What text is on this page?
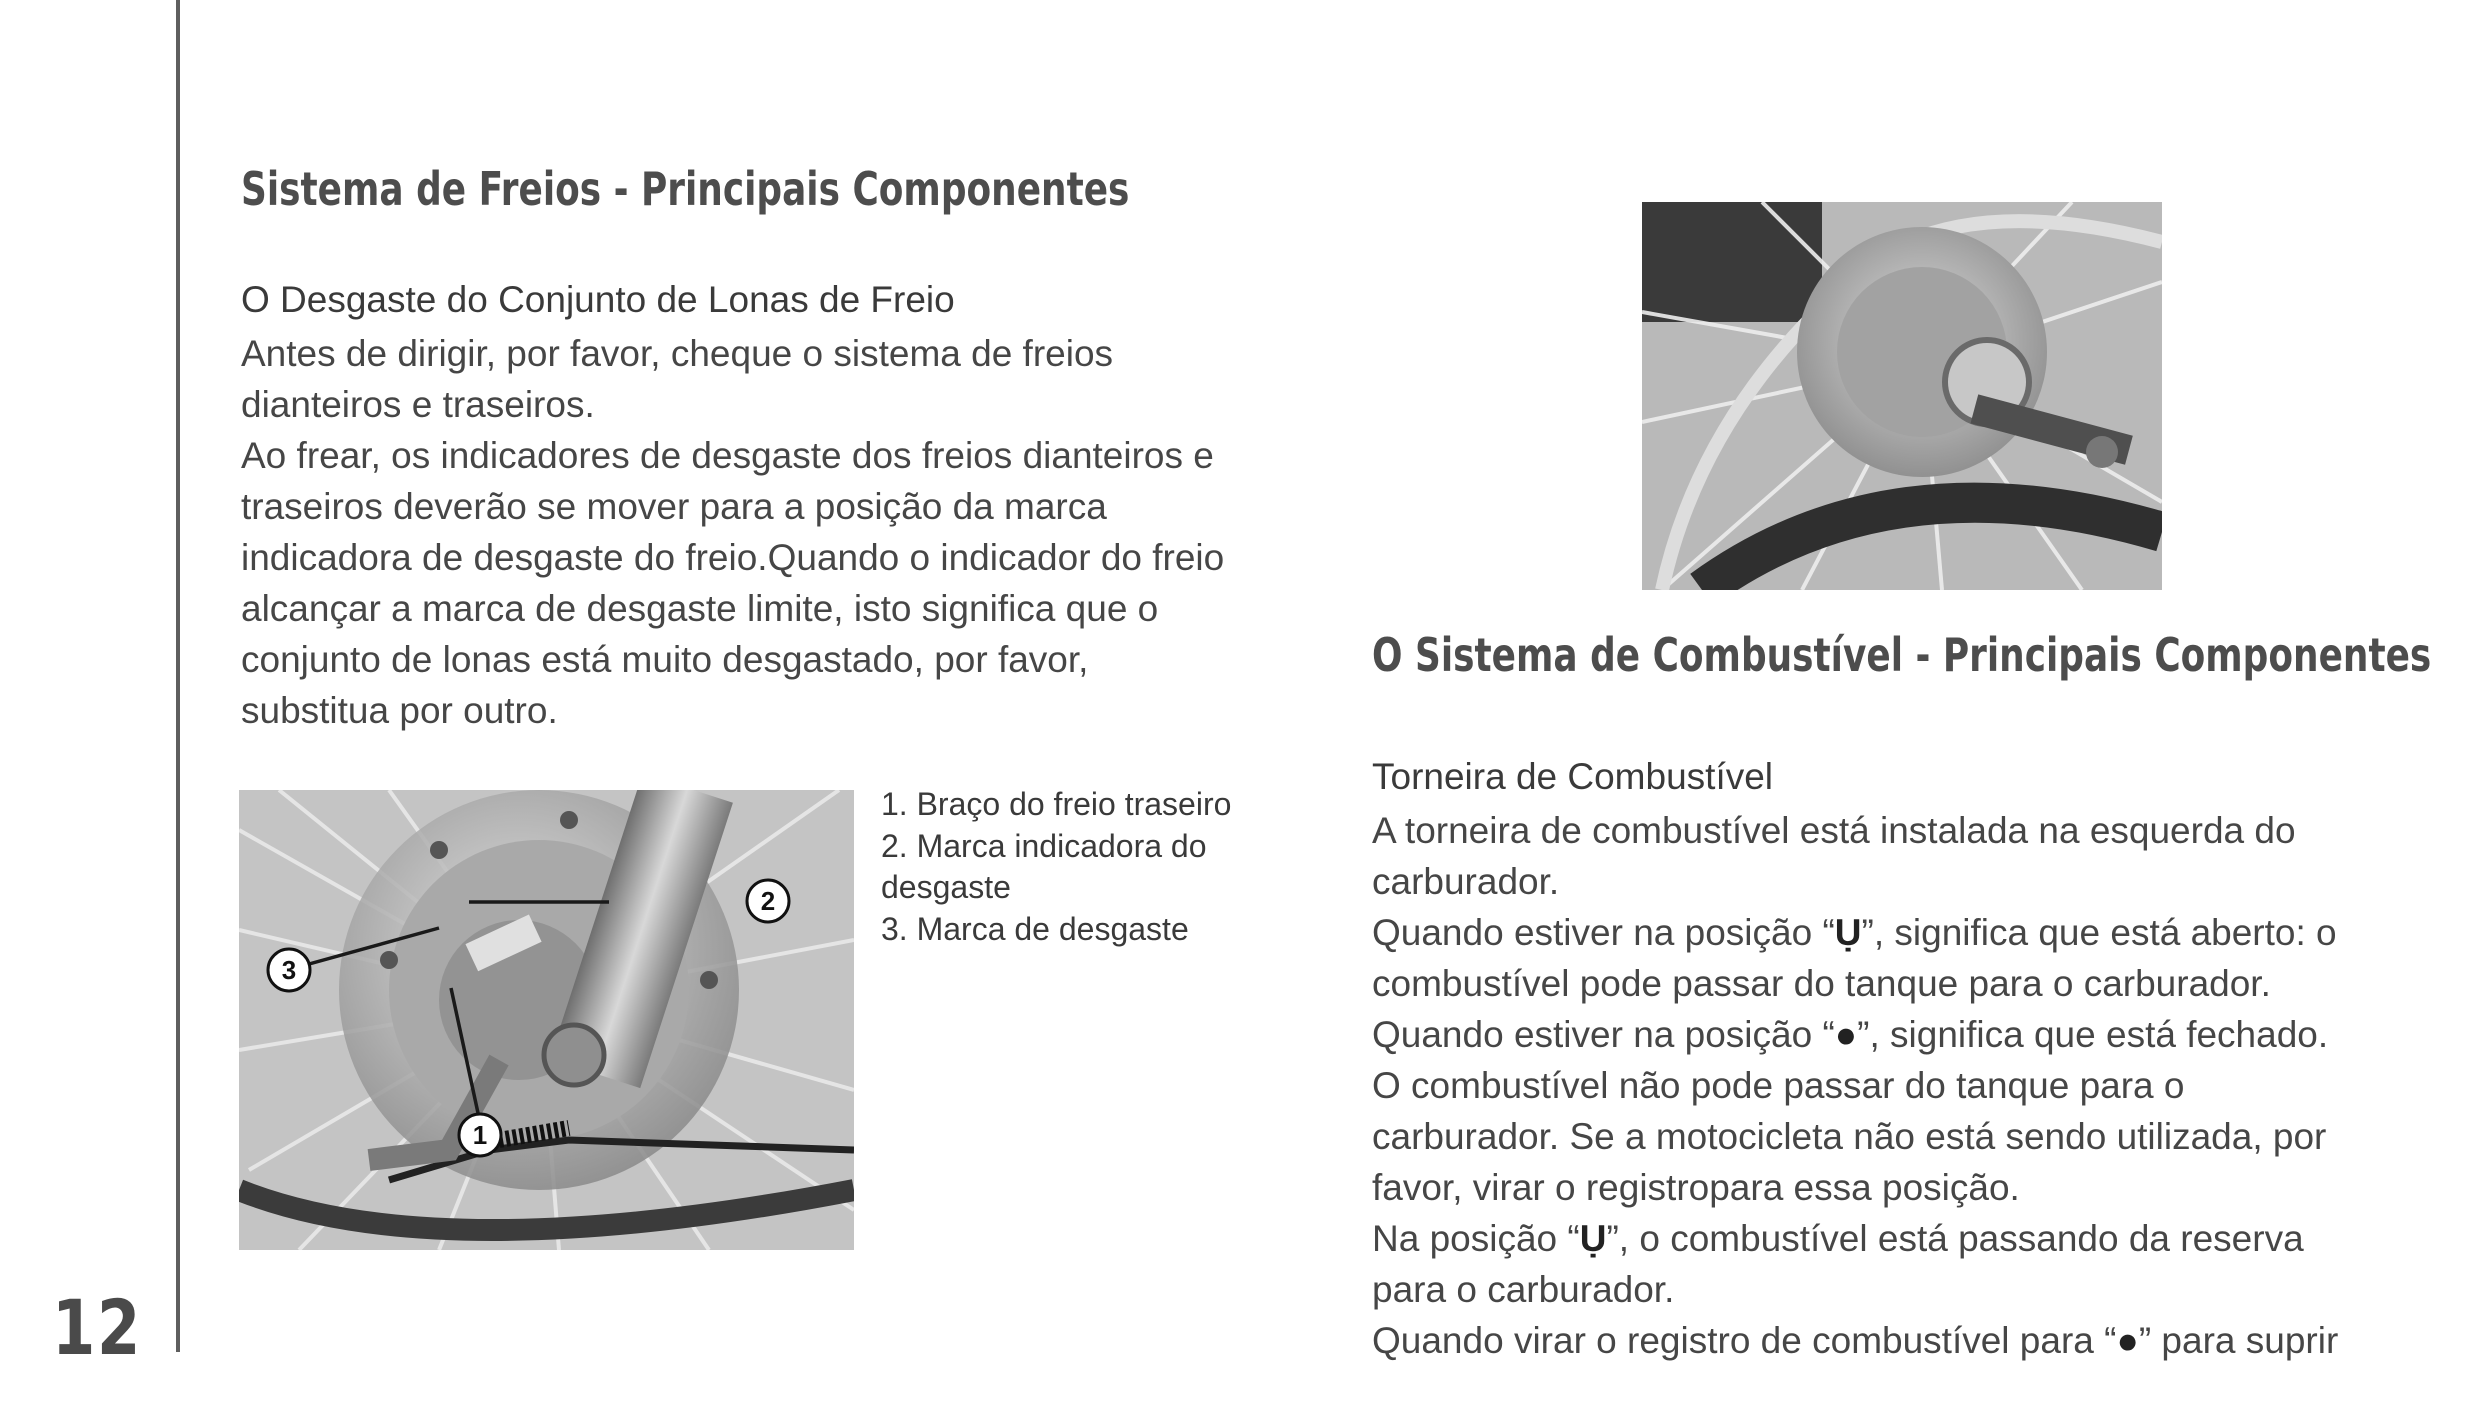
12
Sistema de Freios - Principais Componentes

O Desgaste do Conjunto de Lonas de Freio

Antes de dirigir, por favor, cheque o sistema de freios

dianteiros e traseiros.

Ao frear, os indicadores de desgaste dos freios dianteiros e

traseiros deverão se mover para a posição da marca

indicadora de desgaste do freio.Quando o indicador do freio

alcançar a marca de desgaste limite, isto significa que o

conjunto de lonas está muito desgastado, por favor,

substitua por outro.

2
3
1
1. Braço do freio traseiro
2. Marca indicadora do desgaste
3. Marca de desgaste
O Sistema de Combustível - Principais Componentes

Torneira de Combustível

A torneira de combustível está instalada na esquerda do

carburador.

Quando estiver na posição “Ụ”, significa que está aberto: o

combustível pode passar do tanque para o carburador.

Quando estiver na posição “●”, significa que está fechado.

O combustível não pode passar do tanque para o

carburador. Se a motocicleta não está sendo utilizada, por

favor, virar o registropara essa posição.

Na posição “Ụ”, o combustível está passando da reserva

para o carburador.

Quando virar o registro de combustível para “●” para suprir
